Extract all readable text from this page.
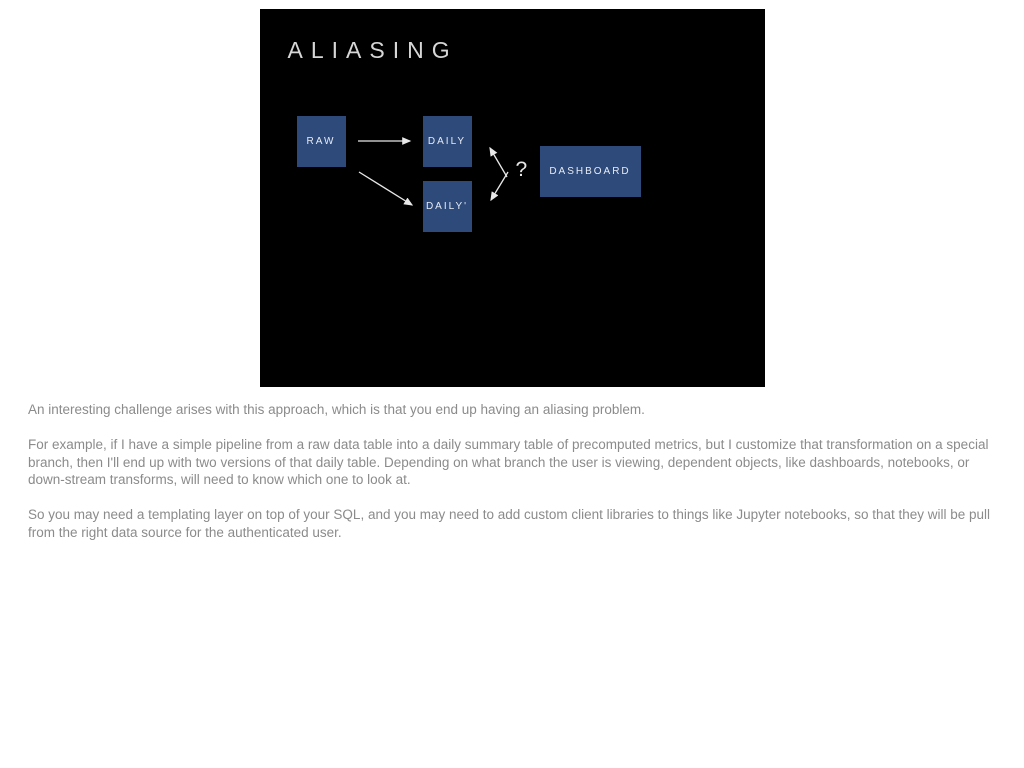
ALIASING
RAW	DAILY
DAILY'
DASHBOARD
?

An interesting challenge arises with this approach, which is that you end up having an aliasing problem.

For example, if I have a simple pipeline from a raw data table into a daily summary table of precomputed metrics, but I customize that transformation on a special branch, then I'll end up with two versions of that daily table. Depending on what branch the user is viewing, dependent objects, like dashboards, notebooks, or down-stream transforms, will need to know which one to look at.

So you may need a templating layer on top of your SQL, and you may need to add custom client libraries to things like Jupyter notebooks, so that they will be pull from the right data source for the authenticated user.
